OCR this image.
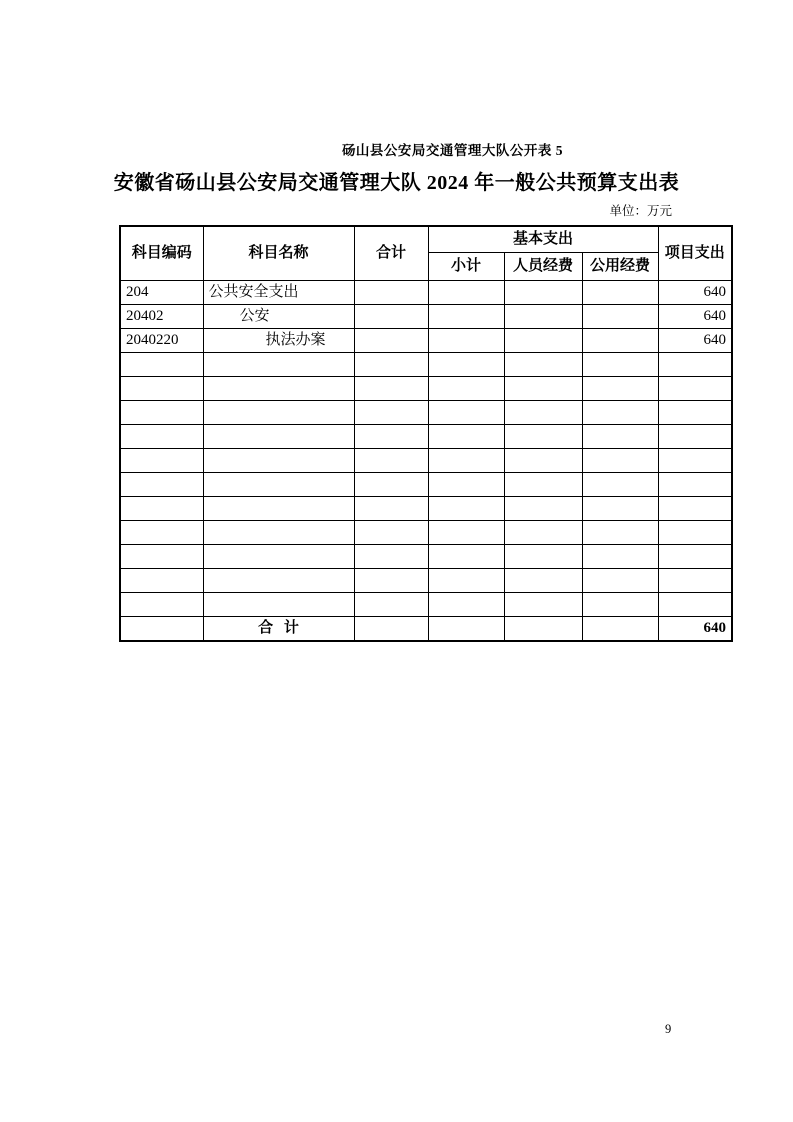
砀山县公安局交通管理大队公开表 5
安徽省砀山县公安局交通管理大队 2024 年一般公共预算支出表
单位：万元
科目编码	科目名称	合计	基本支出			项目支出
			小计	人员经费	公用经费	
204	公共安全支出					640
20402	公安					640
2040220	执法办案					640

	合 计					640
9
